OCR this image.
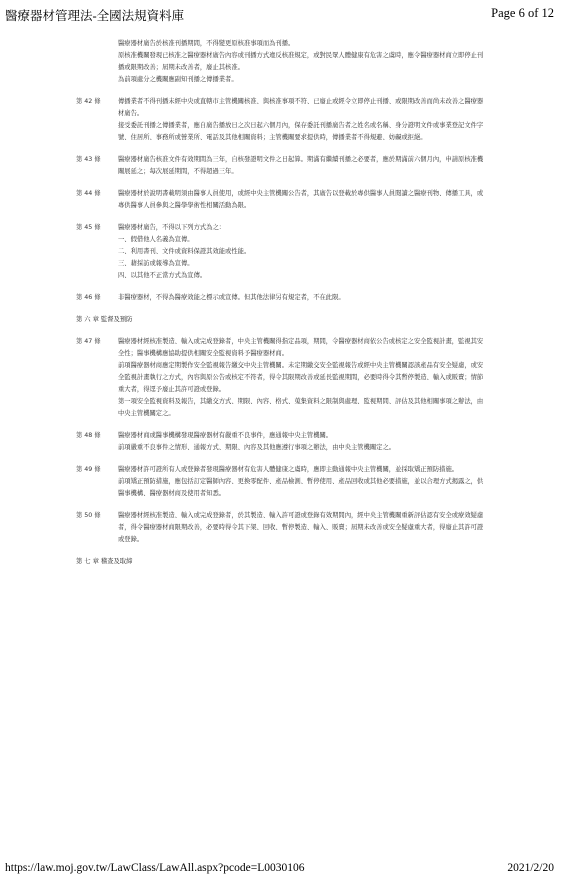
醫療器材管理法-全國法規資料庫	Page 6 of 12

醫療器材廣告於核准刊播期間，不得變更原核准事項而為刊播。

原核准機關發現已核准之醫療器材廣告內容或刊播方式違反核准規定，或對民眾人體健康有危害之虞時，應令醫療器材商立即停止刊播或限期改善；屆期未改善者，廢止其核准。

為前項處分之機關應副知刊播之傳播業者。

第 42 條	傳播業者不得刊播未經中央或直轄市主管機關核准、與核准事項不符、已廢止或經令立即停止刊播、或限期改善而尚未改善之醫療器材廣告。

接受委託刊播之傳播業者，應自廣告播放日之次日起六個月內，保存委託刊播廣告者之姓名或名稱、身分證明文件或事業登記文件字號、住居所、事務所或營業所、電話及其他相關資料；主管機關要求提供時，傳播業者不得規避、妨礙或拒絕。

第 43 條	醫療器材廣告核准文件有效期間為三年，自核發證明文件之日起算。期滿有繼續刊播之必要者，應於期滿前六個月內，申請原核准機關展延之；每次展延期間，不得超過三年。

第 44 條	醫療器材於說明書載明須由醫事人員使用，或經中央主管機關公告者，其廣告以登載於專供醫事人員閱讀之醫療刊物、傳播工具，或專供醫事人員參與之醫學學術性相關活動為限。

第 45 條	醫療器材廣告，不得以下列方式為之：

一、假借他人名義為宣傳。

二、利用書刊、文件或資料保證其效能或性能。

三、藉採訪或報導為宣傳。

四、以其他不正當方式為宣傳。

第 46 條	非醫療器材，不得為醫療效能之標示或宣傳。但其他法律另有規定者，不在此限。

第 六 章 監督及預防

第 47 條	醫療器材經核准製造、輸入或完成登錄者，中央主管機關得指定品項，期間，令醫療器材商依公告或核定之安全監視計畫，監視其安全性；醫事機構應協助提供相關安全監視資料予醫療器材商。

前項醫療器材商應定期製作安全監視報告繳交中央主管機關。未定期繳交安全監視報告或經中央主管機關認該產品有安全疑慮，或安全監視計畫執行之方式，內容與原公告或核定不符者，得令其限期改善或延長監視期間，必要時得令其暫停製造、輸入或販賣；情節重大者，得逕予廢止其許可證或登錄。

第一項安全監視資料及報告，其繳交方式、期限、內容、格式、蒐集資料之限制與處理、監視期間、評估及其他相關事項之辦法，由中央主管機關定之。

第 48 條	醫療器材商或醫事機構發現醫療器材有嚴重不良事件，應通報中央主管機關。

前項嚴重不良事件之情形、通報方式、期限、內容及其他應遵行事項之辦法，由中央主管機關定之。

第 49 條	醫療器材許可證所有人或登錄者發現醫療器材有危害人體健康之虞時，應即主動通報中央主管機關，並採取矯正預防措施。

前項矯正預防措施，應包括訂定醫師內容、更換零配件、產品檢測、暫停使用、產品回收或其他必要措施，並以合理方式揭露之，供醫事機構、醫療器材商及使用者知悉。

第 50 條	醫療器材經核准製造、輸入或完成登錄者，於其製造、輸入許可證或登錄有效期間內，經中央主管機關重新評估認有安全或療效疑慮者，得令醫療器材商限期改善，必要時得令其下架、回收、暫停製造、輸入、販賣；屆期未改善或安全疑慮重大者，得廢止其許可證或登錄。

第 七 章 稽查及取締

https://law.moj.gov.tw/LawClass/LawAll.aspx?pcode=L0030106	2021/2/20
